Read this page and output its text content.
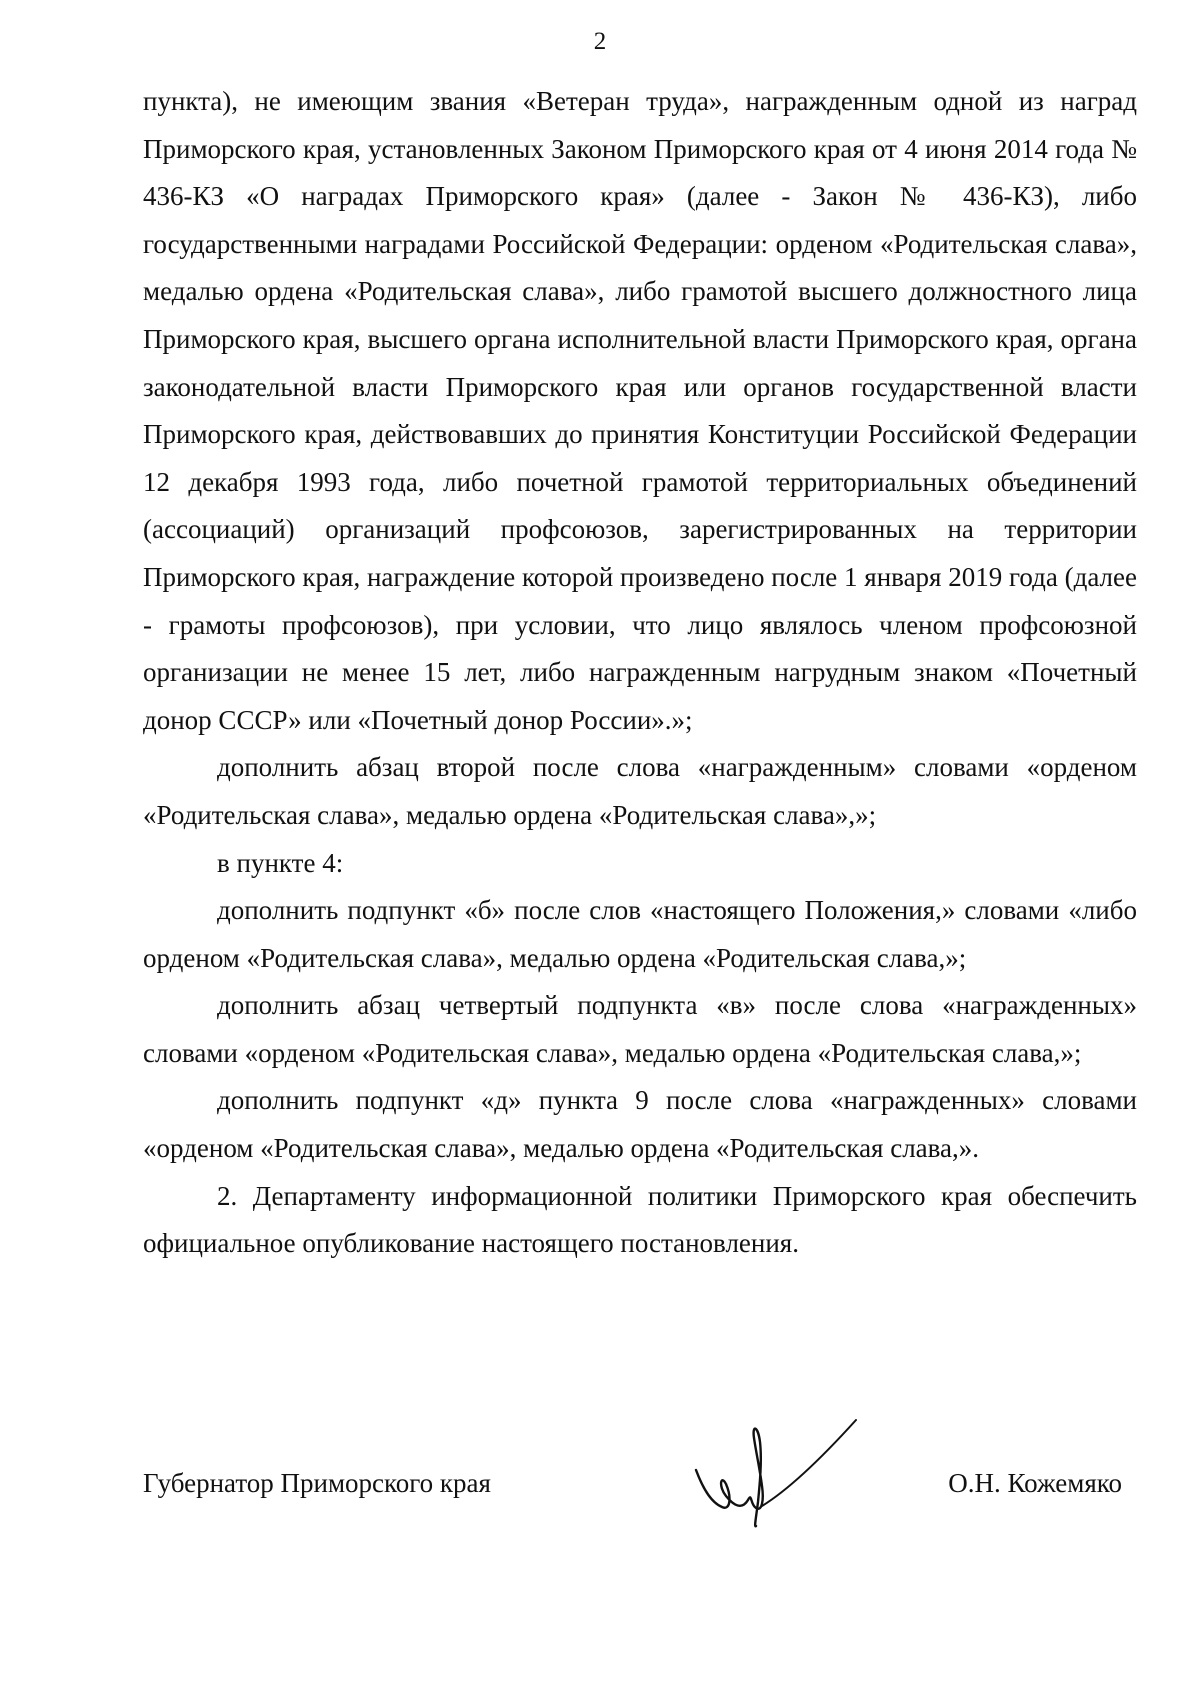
2

пункта), не имеющим звания «Ветеран труда», награжденным одной из наград Приморского края, установленных Законом Приморского края от 4 июня 2014 года № 436-КЗ «О наградах Приморского края» (далее - Закон № 436-КЗ), либо государственными наградами Российской Федерации: орденом «Родительская слава», медалью ордена «Родительская слава», либо грамотой высшего должностного лица Приморского края, высшего органа исполнительной власти Приморского края, органа законодательной власти Приморского края или органов государственной власти Приморского края, действовавших до принятия Конституции Российской Федерации 12 декабря 1993 года, либо почетной грамотой территориальных объединений (ассоциаций) организаций профсоюзов, зарегистрированных на территории Приморского края, награждение которой произведено после 1 января 2019 года (далее - грамоты профсоюзов), при условии, что лицо являлось членом профсоюзной организации не менее 15 лет, либо награжденным нагрудным знаком «Почетный донор СССР» или «Почетный донор России».»;

дополнить абзац второй после слова «награжденным» словами «орденом «Родительская слава», медалью ордена «Родительская слава»,»;

в пункте 4:

дополнить подпункт «б» после слов «настоящего Положения,» словами «либо орденом «Родительская слава», медалью ордена «Родительская слава,»;

дополнить абзац четвертый подпункта «в» после слова «награжденных» словами «орденом «Родительская слава», медалью ордена «Родительская слава,»;

дополнить подпункт «д» пункта 9 после слова «награжденных» словами «орденом «Родительская слава», медалью ордена «Родительская слава,».

2. Департаменту информационной политики Приморского края обеспечить официальное опубликование настоящего постановления.

Губернатор Приморского края	О.Н. Кожемяко
